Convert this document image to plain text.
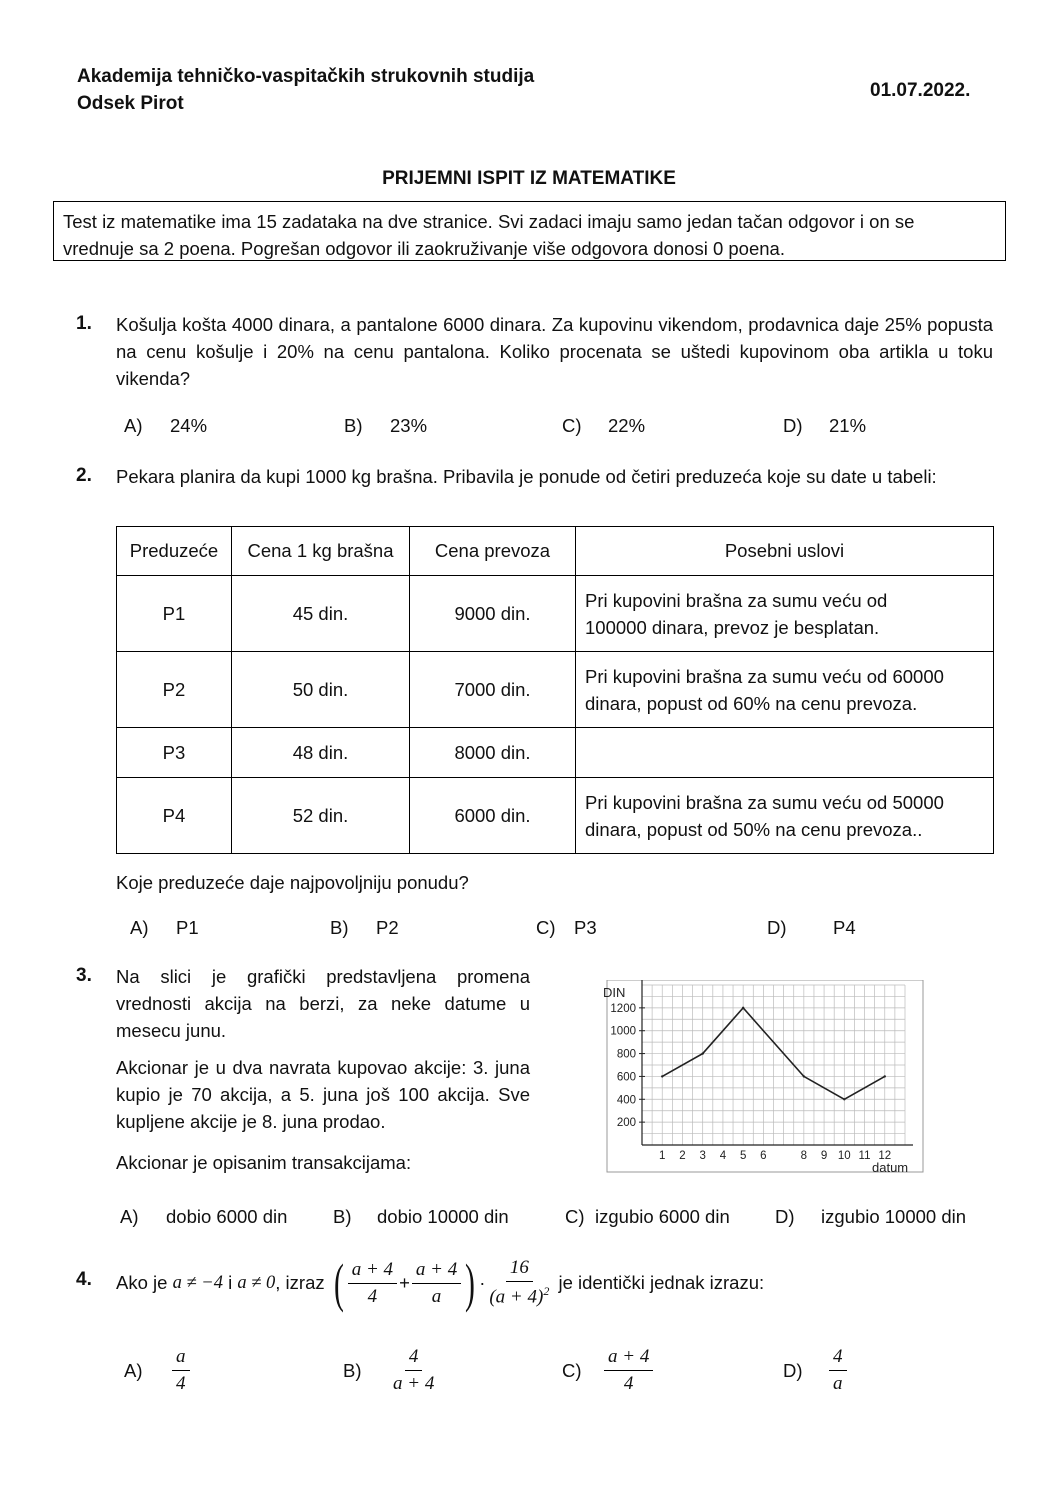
Akademija tehničko-vaspitačkih strukovnih studija
Odsek Pirot
01.07.2022.
PRIJEMNI ISPIT IZ MATEMATIKE
Test iz matematike ima 15 zadataka na dve stranice. Svi zadaci imaju samo jedan tačan odgovor i on se
vrednuje sa 2 poena. Pogrešan odgovor ili zaokruživanje više odgovora donosi 0 poena.
1. Košulja košta 4000 dinara, a pantalone 6000 dinara. Za kupovinu vikendom, prodavnica daje 25% popusta na cenu košulje i 20% na cenu pantalona. Koliko procenata se uštedi kupovinom oba artikla u toku vikenda?
A) 24%	B) 23%	C) 22%	D) 21%
2. Pekara planira da kupi 1000 kg brašna. Pribavila je ponude od četiri preduzeća koje su date u tabeli:
Preduzeće	Cena 1 kg brašna	Cena prevoza	Posebni uslovi
P1	45 din.	9000 din.	Pri kupovini brašna za sumu veću od
100000 dinara, prevoz je besplatan.

P2	50 din.	7000 din.	Pri kupovini brašna za sumu veću od 60000
dinara, popust od 60% na cenu prevoza.

P3	48 din.	8000 din.	
P4	52 din.	6000 din.	Pri kupovini brašna za sumu veću od 50000
dinara, popust od 50% na cenu prevoza..
Koje preduzeće daje najpovoljniju ponudu?
A) P1	B) P2	C) P3	D)	P4
3. Na slici je grafički predstavljena promena vrednosti akcija na berzi, za neke datume u mesecu junu.
Akcionar je u dva navrata kupovao akcije: 3. juna kupio je 70 akcija, a 5. juna još 100 akcija. Sve kupljene akcije je 8. juna prodao.
Akcionar je opisanim transakcijama:
DIN
datum
200
400
600
800
1000
1200
1 2 3 4 5 6	8 9 10 11 12
A) dobio 6000 din B) dobio 10000 din	C) izgubio 6000 din D) izgubio 10000 din
4. Ako je
a ≠ −4
i
a ≠ 0 , izraz
( $\frac{a + 4}{4} + \frac{a + 4}{a}$ ) · $\frac{16}{(a + 4)^2}$
je identički jednak izrazu:
A)	$\frac{a}{4}$	B)	$\frac{4}{a + 4}$	C)	$\frac{a + 4}{4}$	D)	$\frac{4}{a}$
